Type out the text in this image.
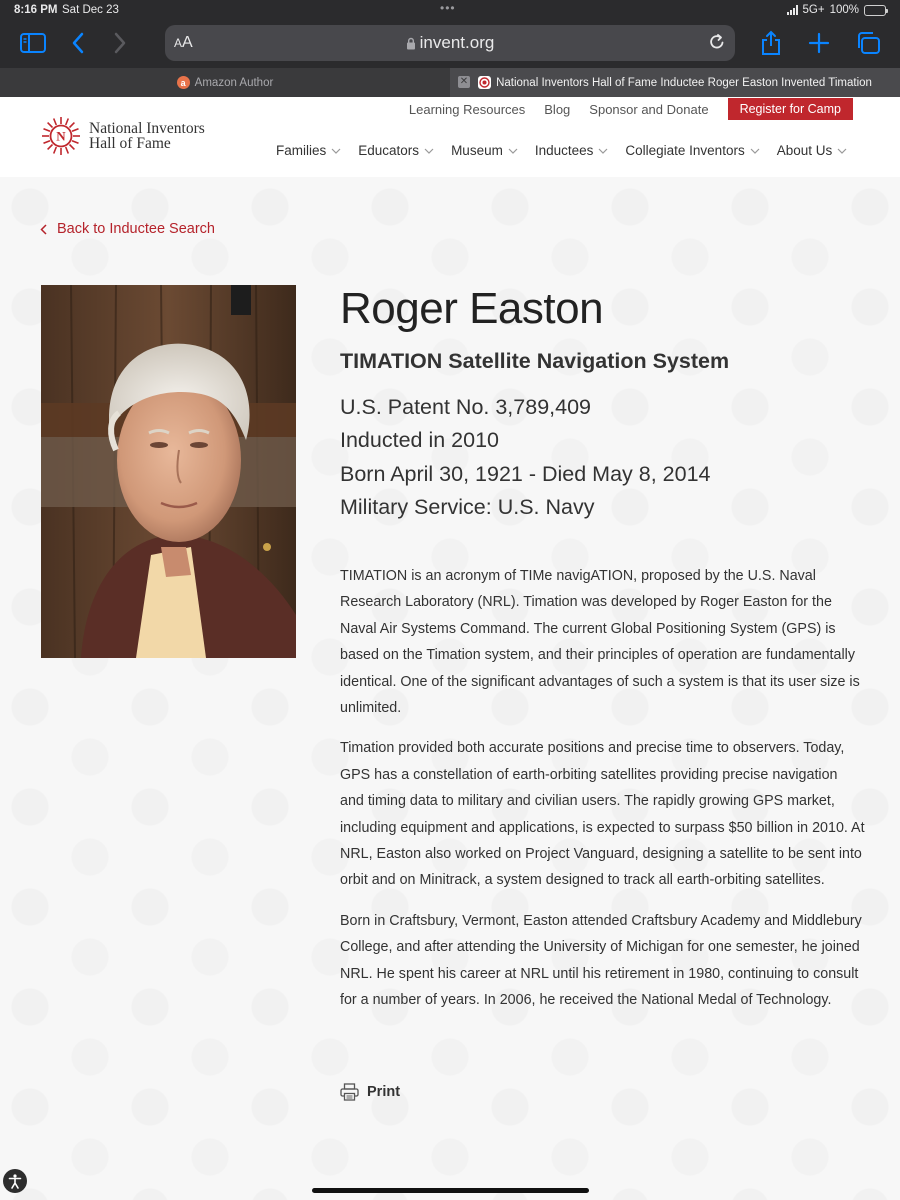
8:16 PM Sat Dec 23	•••	5G+ 100%
AA	invent.org
a Amazon Author	✕ National Inventors Hall of Fame Inductee Roger Easton Invented Timation
N National Inventors
Hall of Fame
Learning Resources Blog Sponsor and Donate	Register for Camp
Families Educators Museum Inductees Collegiate Inventors About Us
Back to Inductee Search
Roger Easton
TIMATION Satellite Navigation System
U.S. Patent No. 3,789,409
Inducted in 2010
Born April 30, 1921 - Died May 8, 2014
Military Service: U.S. Navy

TIMATION is an acronym of TIMe navigATION, proposed by the U.S. Naval Research Laboratory (NRL). Timation was developed by Roger Easton for the Naval Air Systems Command. The current Global Positioning System (GPS) is based on the Timation system, and their principles of operation are fundamentally identical. One of the significant advantages of such a system is that its user size is unlimited.

Timation provided both accurate positions and precise time to observers. Today, GPS has a constellation of earth-orbiting satellites providing precise navigation and timing data to military and civilian users. The rapidly growing GPS market, including equipment and applications, is expected to surpass $50 billion in 2010. At NRL, Easton also worked on Project Vanguard, designing a satellite to be sent into orbit and on Minitrack, a system designed to track all earth-orbiting satellites.

Born in Craftsbury, Vermont, Easton attended Craftsbury Academy and Middlebury College, and after attending the University of Michigan for one semester, he joined NRL. He spent his career at NRL until his retirement in 1980, continuing to consult for a number of years. In 2006, he received the National Medal of Technology.

Print
